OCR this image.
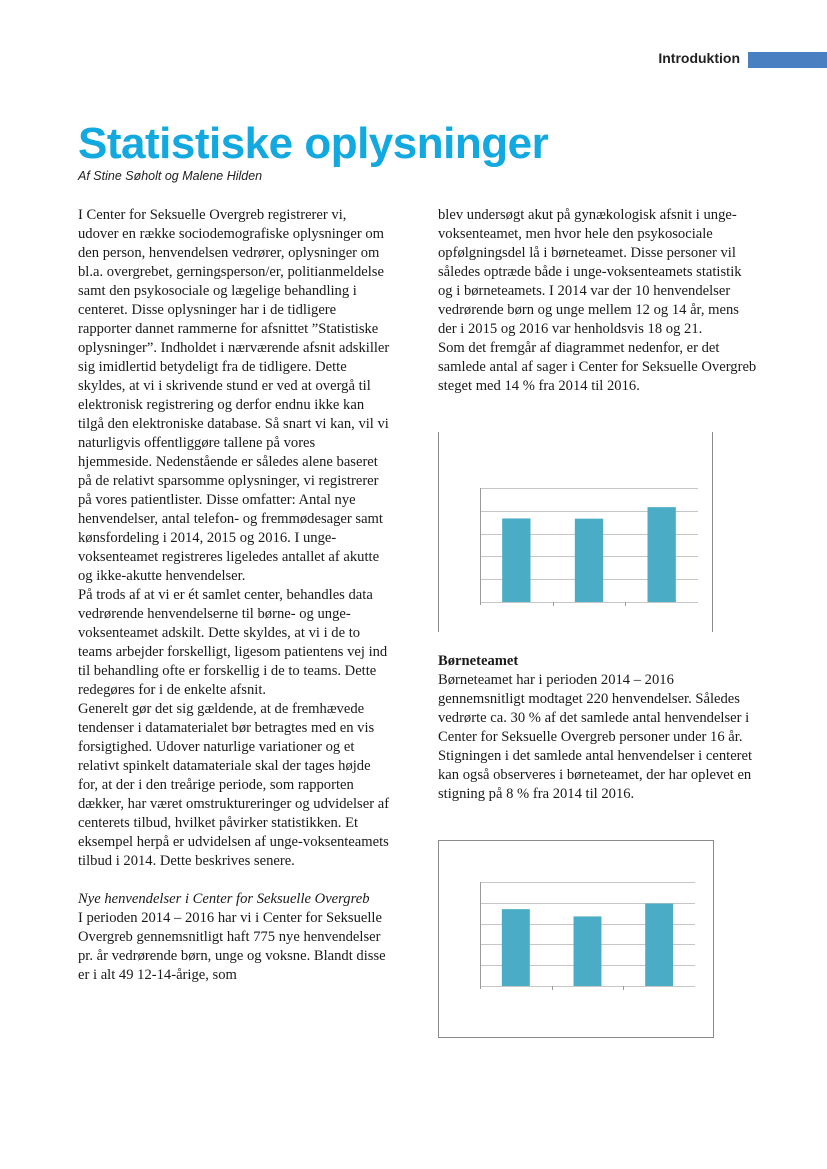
Introduktion
Statistiske oplysninger
Af Stine Søholt og Malene Hilden

I Center for Seksuelle Overgreb registrerer vi, udover en række sociodemografiske oplysninger om den person, henvendelsen vedrører, oplysninger om bl.a. overgrebet, gerningsperson/er, politianmeldelse samt den psykosociale og lægelige behandling i centeret. Disse oplysninger har i de tidligere rapporter dannet rammerne for afsnittet ”Statistiske oplysninger”. Indholdet i nærværende afsnit adskiller sig imidlertid betydeligt fra de tidligere. Dette skyldes, at vi i skrivende stund er ved at overgå til elektronisk registrering og derfor endnu ikke kan tilgå den elektroniske database. Så snart vi kan, vil vi naturligvis offentliggøre tallene på vores hjemmeside. Nedenstående er således alene baseret på de relativt sparsomme oplysninger, vi registrerer på vores patientlister. Disse omfatter: Antal nye henvendelser, antal telefon- og fremmødesager samt kønsfordeling i 2014, 2015 og 2016. I unge-voksenteamet registreres ligeledes antallet af akutte og ikke-akutte henvendelser.

På trods af at vi er ét samlet center, behandles data vedrørende henvendelserne til børne- og unge-voksenteamet adskilt. Dette skyldes, at vi i de to teams arbejder forskelligt, ligesom patientens vej ind til behandling ofte er forskellig i de to teams. Dette redegøres for i de enkelte afsnit.

Generelt gør det sig gældende, at de fremhævede tendenser i datamaterialet bør betragtes med en vis forsigtighed. Udover naturlige variationer og et relativt spinkelt datamateriale skal der tages højde for, at der i den treårige periode, som rapporten dækker, har været omstruktureringer og udvidelser af centerets tilbud, hvilket påvirker statistikken. Et eksempel herpå er udvidelsen af unge-voksenteamets tilbud i 2014. Dette beskrives senere.

Nye henvendelser i Center for Seksuelle Overgreb

I perioden 2014 – 2016 har vi i Center for Seksuelle Overgreb gennemsnitligt haft 775 nye henvendelser pr. år vedrørende børn, unge og voksne. Blandt disse er i alt 49 12-14-årige, som

blev undersøgt akut på gynækologisk afsnit i unge-voksenteamet, men hvor hele den psykosociale opfølgningsdel lå i børneteamet. Disse personer vil således optræde både i unge-voksenteamets statistik og i børneteamets. I 2014 var der 10 henvendelser vedrørende børn og unge mellem 12 og 14 år, mens der i 2015 og 2016 var henholdsvis 18 og 21.

Som det fremgår af diagrammet nedenfor, er det samlede antal af sager i Center for Seksuelle Overgreb steget med 14 % fra 2014 til 2016.

Børneteamet

Børneteamet har i perioden 2014 – 2016 gennemsnitligt modtaget 220 henvendelser. Således vedrørte ca. 30 % af det samlede antal henvendelser i Center for Seksuelle Overgreb personer under 16 år.

Stigningen i det samlede antal henvendelser i centeret kan også observeres i børneteamet, der har oplevet en stigning på 8 % fra 2014 til 2016.
